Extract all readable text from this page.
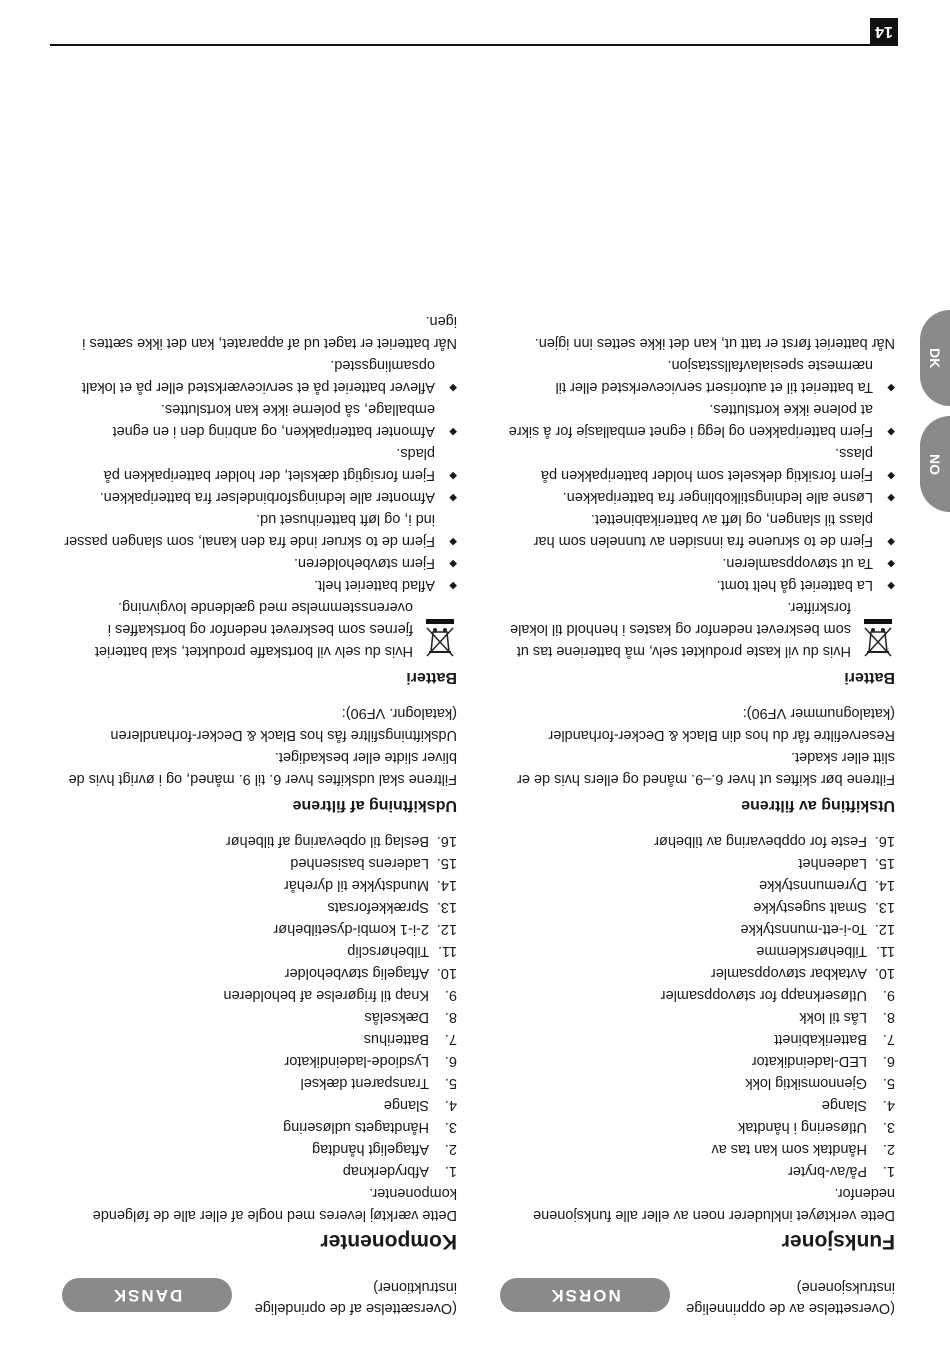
14
NO
DK
(Oversettelse av de opprinnelige instruksjonene)
NORSK
Funksjoner

Dette verktøyet inkluderer noen av eller alle funksjonene nedenfor.

1.
På/av-bryter
2.
Håndtak som kan tas av
3.
Utløsering i håndtak
4.
Slange
5.
Gjennomsiktig lokk
6.
LED-ladeindikator
7.
Batterikabinett
8.
Lås til lokk
9.
Utløserknapp for støvoppsamler
10.
Avtakbar støvoppsamler
11.
Tilbehørsklemme
12.
To-i-ett-munnstykke
13.
Smalt sugestykke
14.
Dyremunnstykke
15.
Ladeenhet
16.
Feste for oppbevaring av tilbehør
Utskifting av filtrene

Filtrene bør skiftes ut hver 6.–9. måned og ellers hvis de er slitt eller skadet.

Reservefiltre får du hos din Black & Decker-forhandler (katalognummer VF90):

Batteri

Hvis du vil kaste produktet selv, må batteriene tas ut som beskrevet nedenfor og kastes i henhold til lokale forskrifter.

◆
La batteriet gå helt tomt.
◆
Ta ut støvoppsamleren.
◆
Fjern de to skruene fra innsiden av tunnelen som har plass til slangen, og løft av batterikabinettet.
◆
Løsne alle ledningstilkoblinger fra batteripakken.
◆
Fjern forsiktig dekselet som holder batteripakken på plass.
◆
Fjern batteripakken og legg i egnet emballasje for å sikre at polene ikke kortsluttes.
◆
Ta batteriet til et autorisert serviceverksted eller til nærmeste spesialavfallsstasjon.

Når batteriet først er tatt ut, kan det ikke settes inn igjen.

(Oversættelse af de oprindelige instruktioner)
DANSK
Komponenter

Dette værktøj leveres med nogle af eller alle de følgende komponenter.

1.
Afbryderknap
2.
Aftageligt håndtag
3.
Håndtagets udløsering
4.
Slange
5.
Transparent dæksel
6.
Lysdiode-ladeindikator
7.
Batterihus
8.
Dækselås
9.
Knap til frigørelse af beholderen
10.
Aftagelig støvbeholder
11.
Tilbehørsclip
12.
2-i-1 kombi-dysetilbehør
13.
Sprækkeforsats
14.
Mundstykke til dyrehår
15.
Laderens basisenhed
16.
Beslag til opbevaring af tilbehør
Udskiftning af filtrene

Filtrene skal udskiftes hver 6. til 9. måned, og i øvrigt hvis de bliver slidte eller beskadiget.

Udskiftningsfiltre fås hos Black & Decker-forhandleren (katalognr. VF90):

Batteri

Hvis du selv vil bortskaffe produktet, skal batteriet fjernes som beskrevet nedenfor og bortskaffes i overensstemmelse med gældende lovgivning.

◆
Aflad batteriet helt.
◆
Fjern støvbeholderen.
◆
Fjern de to skruer inde fra den kanal, som slangen passer ind i, og løft batterihuset ud.
◆
Afmonter alle ledningsforbindelser fra batteripakken.
◆
Fjern forsigtigt dækslet, der holder batteripakken på plads.
◆
Afmonter batteripakken, og anbring den i en egnet emballage, så polerne ikke kan kortsluttes.
◆
Aflever batteriet på et serviceværksted eller på et lokalt opsamlingssted.

Når batteriet er taget ud af apparatet, kan det ikke sættes i igen.
